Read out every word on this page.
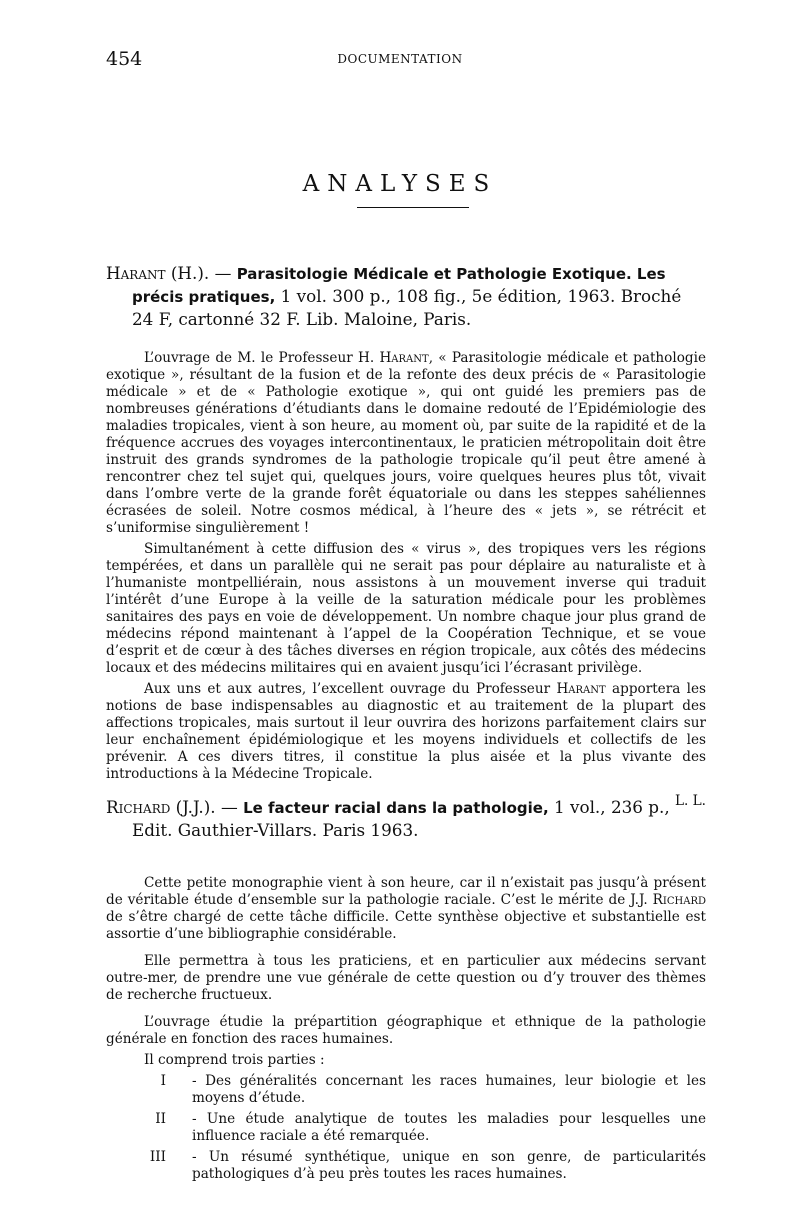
454	DOCUMENTATION
ANALYSES

Harant (H.). — Parasitologie Médicale et Pathologie Exotique. Les précis pratiques, 1 vol. 300 p., 108 fig., 5e édition, 1963. Broché 24 F, cartonné 32 F. Lib. Maloine, Paris.

L’ouvrage de M. le Professeur H. Harant, « Parasitologie médicale et pathologie exotique », résultant de la fusion et de la refonte des deux précis de « Parasitologie médicale » et de « Pathologie exotique », qui ont guidé les premiers pas de nombreuses générations d’étudiants dans le domaine redouté de l’Epidémiologie des maladies tropicales, vient à son heure, au moment où, par suite de la rapidité et de la fréquence accrues des voyages intercontinentaux, le praticien métropolitain doit être instruit des grands syndromes de la pathologie tropicale qu’il peut être amené à rencontrer chez tel sujet qui, quelques jours, voire quelques heures plus tôt, vivait dans l’ombre verte de la grande forêt équatoriale ou dans les steppes sahéliennes écrasées de soleil. Notre cosmos médical, à l’heure des « jets », se rétrécit et s’uniformise singulièrement !

Simultanément à cette diffusion des « virus », des tropiques vers les régions tempérées, et dans un parallèle qui ne serait pas pour déplaire au naturaliste et à l’humaniste montpelliérain, nous assistons à un mouvement inverse qui traduit l’intérêt d’une Europe à la veille de la saturation médicale pour les problèmes sanitaires des pays en voie de développement. Un nombre chaque jour plus grand de médecins répond maintenant à l’appel de la Coopération Technique, et se voue d’esprit et de cœur à des tâches diverses en région tropicale, aux côtés des médecins locaux et des médecins militaires qui en avaient jusqu’ici l’écrasant privilège.

Aux uns et aux autres, l’excellent ouvrage du Professeur Harant apportera les notions de base indispensables au diagnostic et au traitement de la plupart des affections tropicales, mais surtout il leur ouvrira des horizons parfaitement clairs sur leur enchaînement épidémiologique et les moyens individuels et collectifs de les prévenir. A ces divers titres, il constitue la plus aisée et la plus vivante des introductions à la Médecine Tropicale.

L. L.

Richard (J.J.). — Le facteur racial dans la pathologie, 1 vol., 236 p., Edit. Gauthier-Villars. Paris 1963.

Cette petite monographie vient à son heure, car il n’existait pas jusqu’à présent de véritable étude d’ensemble sur la pathologie raciale. C’est le mérite de J.J. Richard de s’être chargé de cette tâche difficile. Cette synthèse objective et substantielle est assortie d’une bibliographie considérable.

Elle permettra à tous les praticiens, et en particulier aux médecins servant outre-mer, de prendre une vue générale de cette question ou d’y trouver des thèmes de recherche fructueux.

L’ouvrage étudie la prépartition géographique et ethnique de la pathologie générale en fonction des races humaines.

Il comprend trois parties :

I	- Des généralités concernant les races humaines, leur biologie et les moyens d’étude.
II	- Une étude analytique de toutes les maladies pour lesquelles une influence raciale a été remarquée.
III	- Un résumé synthétique, unique en son genre, de particularités pathologiques d’à peu près toutes les races humaines.
